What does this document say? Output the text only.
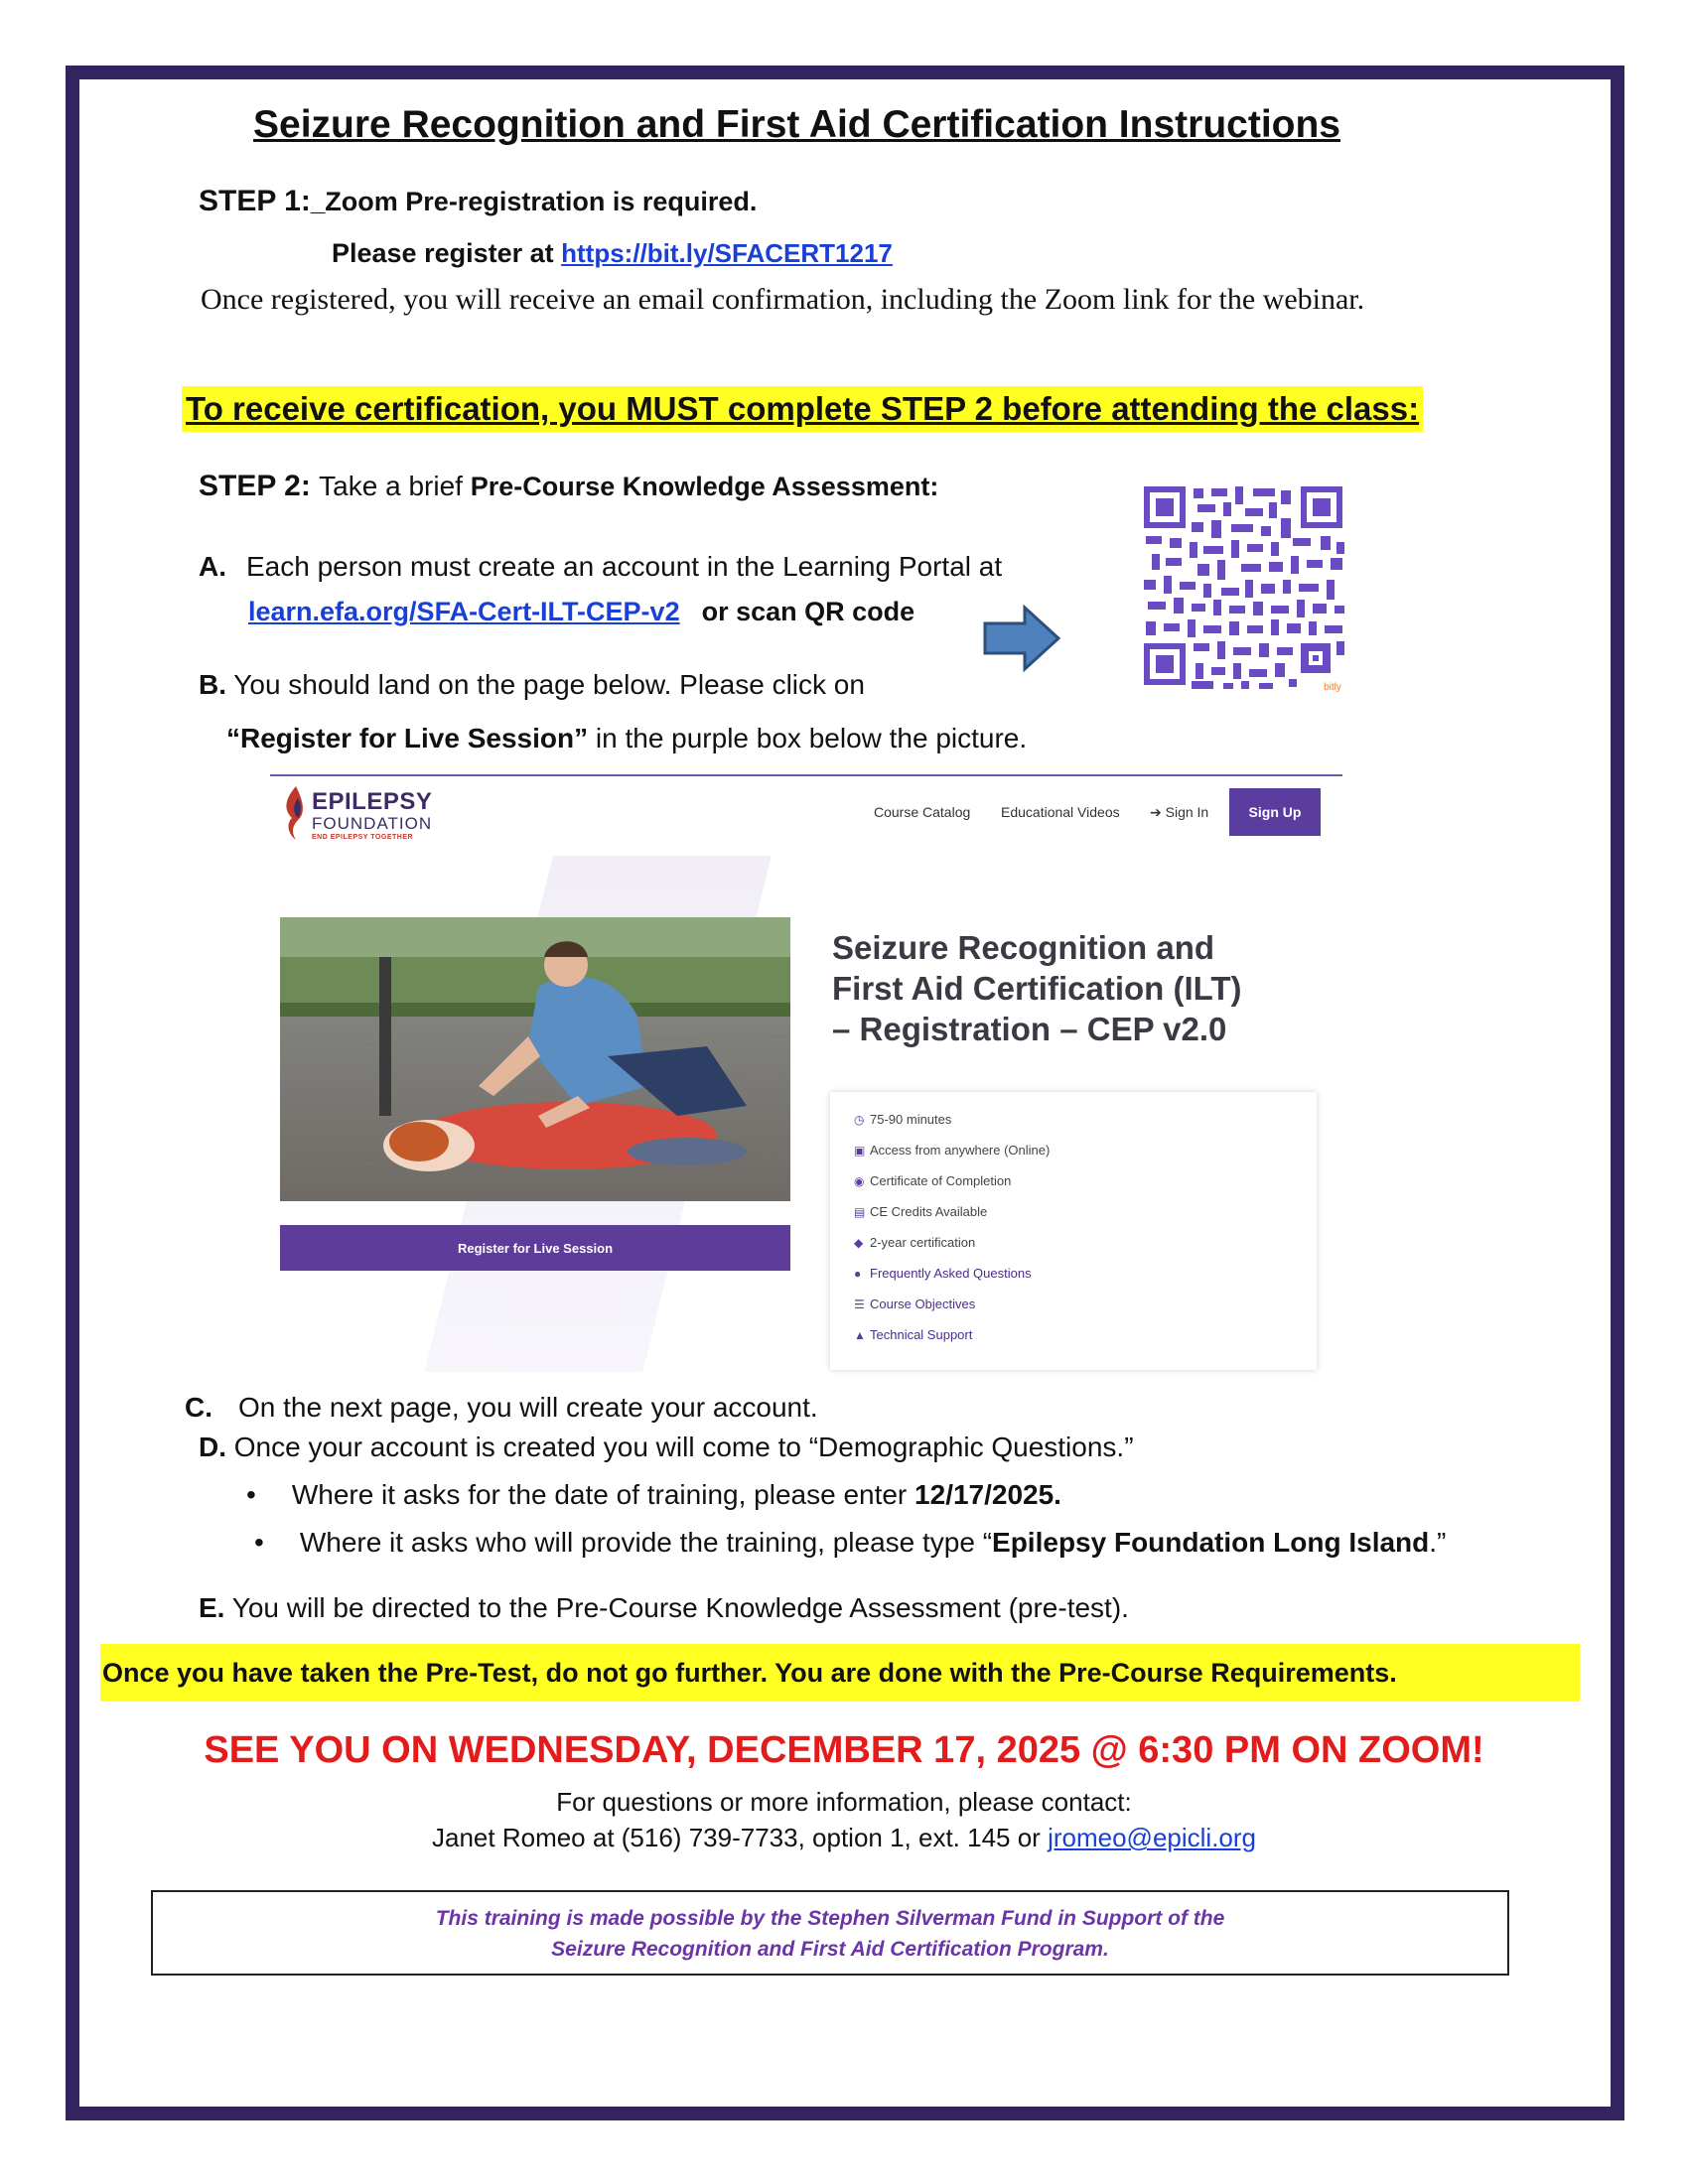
Seizure Recognition and First Aid Certification Instructions
STEP 1:_Zoom Pre-registration is required.
Please register at https://bit.ly/SFACERT1217
Once registered, you will receive an email confirmation, including the Zoom link for the webinar.
To receive certification, you MUST complete STEP 2 before attending the class:
STEP 2: Take a brief Pre-Course Knowledge Assessment:
A. Each person must create an account in the Learning Portal at
learn.efa.org/SFA-Cert-ILT-CEP-v2 or scan QR code
bitly
B. You should land on the page below. Please click on
“Register for Live Session” in the purple box below the picture.
EPILEPSY
FOUNDATION
END EPILEPSY TOGETHER
Course Catalog Educational Videos ➔ Sign In	Sign Up
Register for Live Session
Seizure Recognition and
First Aid Certification (ILT)
– Registration – CEP v2.0
◷ 75-90 minutes
▣ Access from anywhere (Online)
◉ Certificate of Completion
▤ CE Credits Available
◆ 2-year certification
● Frequently Asked Questions
☰ Course Objectives
▲ Technical Support
C. On the next page, you will create your account.
D. Once your account is created you will come to “Demographic Questions.”
• Where it asks for the date of training, please enter 12/17/2025.
• Where it asks who will provide the training, please type “Epilepsy Foundation Long Island.”
E. You will be directed to the Pre-Course Knowledge Assessment (pre-test).
Once you have taken the Pre-Test, do not go further. You are done with the Pre-Course Requirements.
SEE YOU ON WEDNESDAY, DECEMBER 17, 2025 @ 6:30 PM ON ZOOM!
For questions or more information, please contact:
Janet Romeo at (516) 739-7733, option 1, ext. 145 or jromeo@epicli.org
This training is made possible by the Stephen Silverman Fund in Support of the
Seizure Recognition and First Aid Certification Program.
